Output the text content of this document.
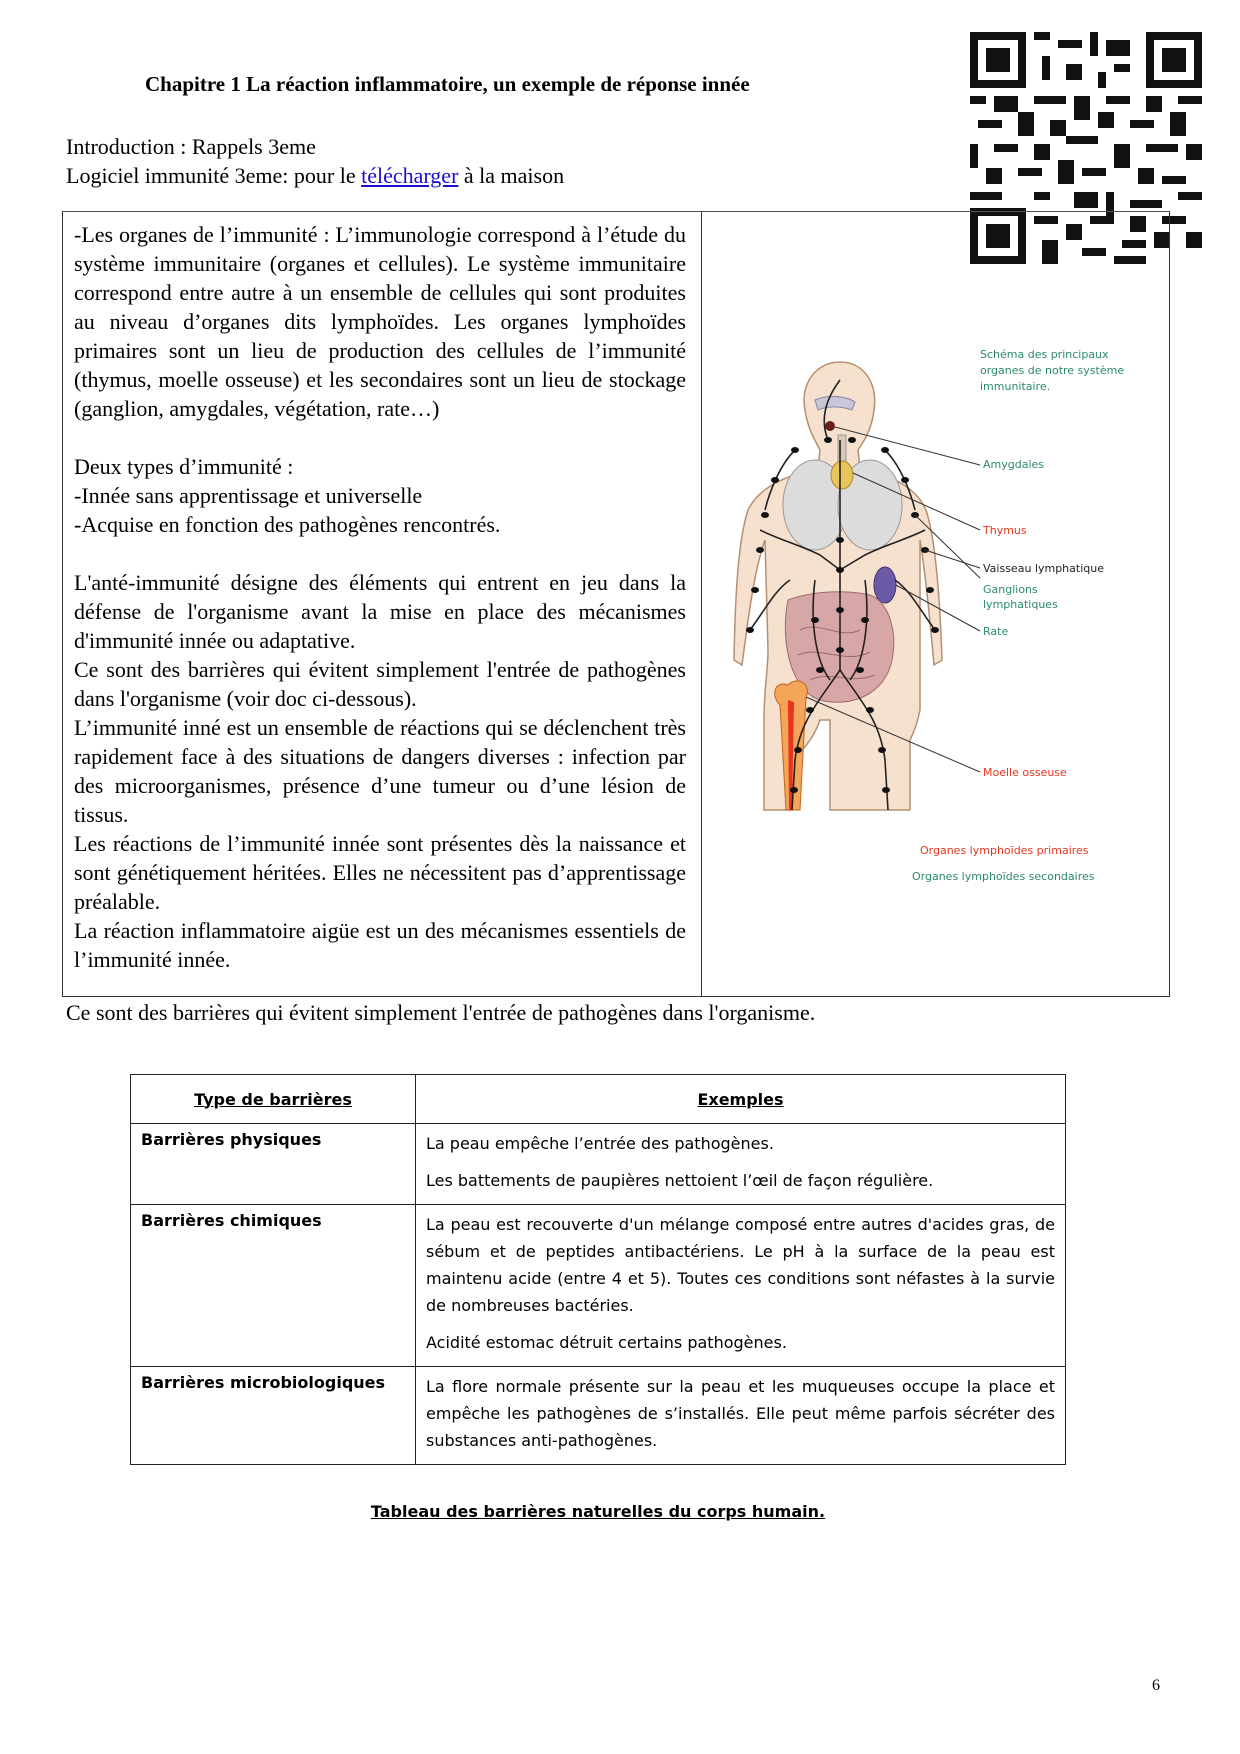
Chapitre 1 La réaction inflammatoire, un exemple de réponse innée
Introduction : Rappels 3eme
Logiciel immunité 3eme: pour le télécharger à la maison

-Les organes de l’immunité : L’immunologie correspond à l’étude du système immunitaire (organes et cellules). Le système immunitaire correspond entre autre à un ensemble de cellules qui sont produites au niveau d’organes dits lymphoïdes. Les organes lymphoïdes primaires sont un lieu de production des cellules de l’immunité (thymus, moelle osseuse) et les secondaires sont un lieu de stockage (ganglion, amygdales, végétation, rate…)

Deux types d’immunité :

-Innée sans apprentissage et universelle

-Acquise en fonction des pathogènes rencontrés.

L'anté-immunité désigne des éléments qui entrent en jeu dans la défense de l'organisme avant la mise en place des mécanismes d'immunité innée ou adaptative.

Ce sont des barrières qui évitent simplement l'entrée de pathogènes dans l'organisme (voir doc ci-dessous).

L’immunité inné est un ensemble de réactions qui se déclenchent très rapidement face à des situations de dangers diverses : infection par des microorganismes, présence d’une tumeur ou d’une lésion de tissus.

Les réactions de l’immunité innée sont présentes dès la naissance et sont génétiquement héritées. Elles ne nécessitent pas d’apprentissage préalable.

La réaction inflammatoire aigüe est un des mécanismes essentiels de l’immunité innée.

Schéma des principaux
organes de notre système
immunitaire.
Amygdales
Thymus
Vaisseau lymphatique
Ganglions
lymphatiques
Rate
Moelle osseuse
Organes lymphoïdes primaires
Organes lymphoïdes secondaires
Ce sont des barrières qui évitent simplement l'entrée de pathogènes dans l'organisme.
Type de barrières	Exemples
Barrières physiques	La peau empêche l’entrée des pathogènes.

Les battements de paupières nettoient l’œil de façon régulière.

Barrières chimiques	La peau est recouverte d'un mélange composé entre autres d'acides gras, de sébum et de peptides antibactériens. Le pH à la surface de la peau est maintenu acide (entre 4 et 5). Toutes ces conditions sont néfastes à la survie de nombreuses bactéries.

Acidité estomac détruit certains pathogènes.

Barrières microbiologiques	La flore normale présente sur la peau et les muqueuses occupe la place et empêche les pathogènes de s’installés. Elle peut même parfois sécréter des substances anti-pathogènes.

Tableau des barrières naturelles du corps humain.
6
